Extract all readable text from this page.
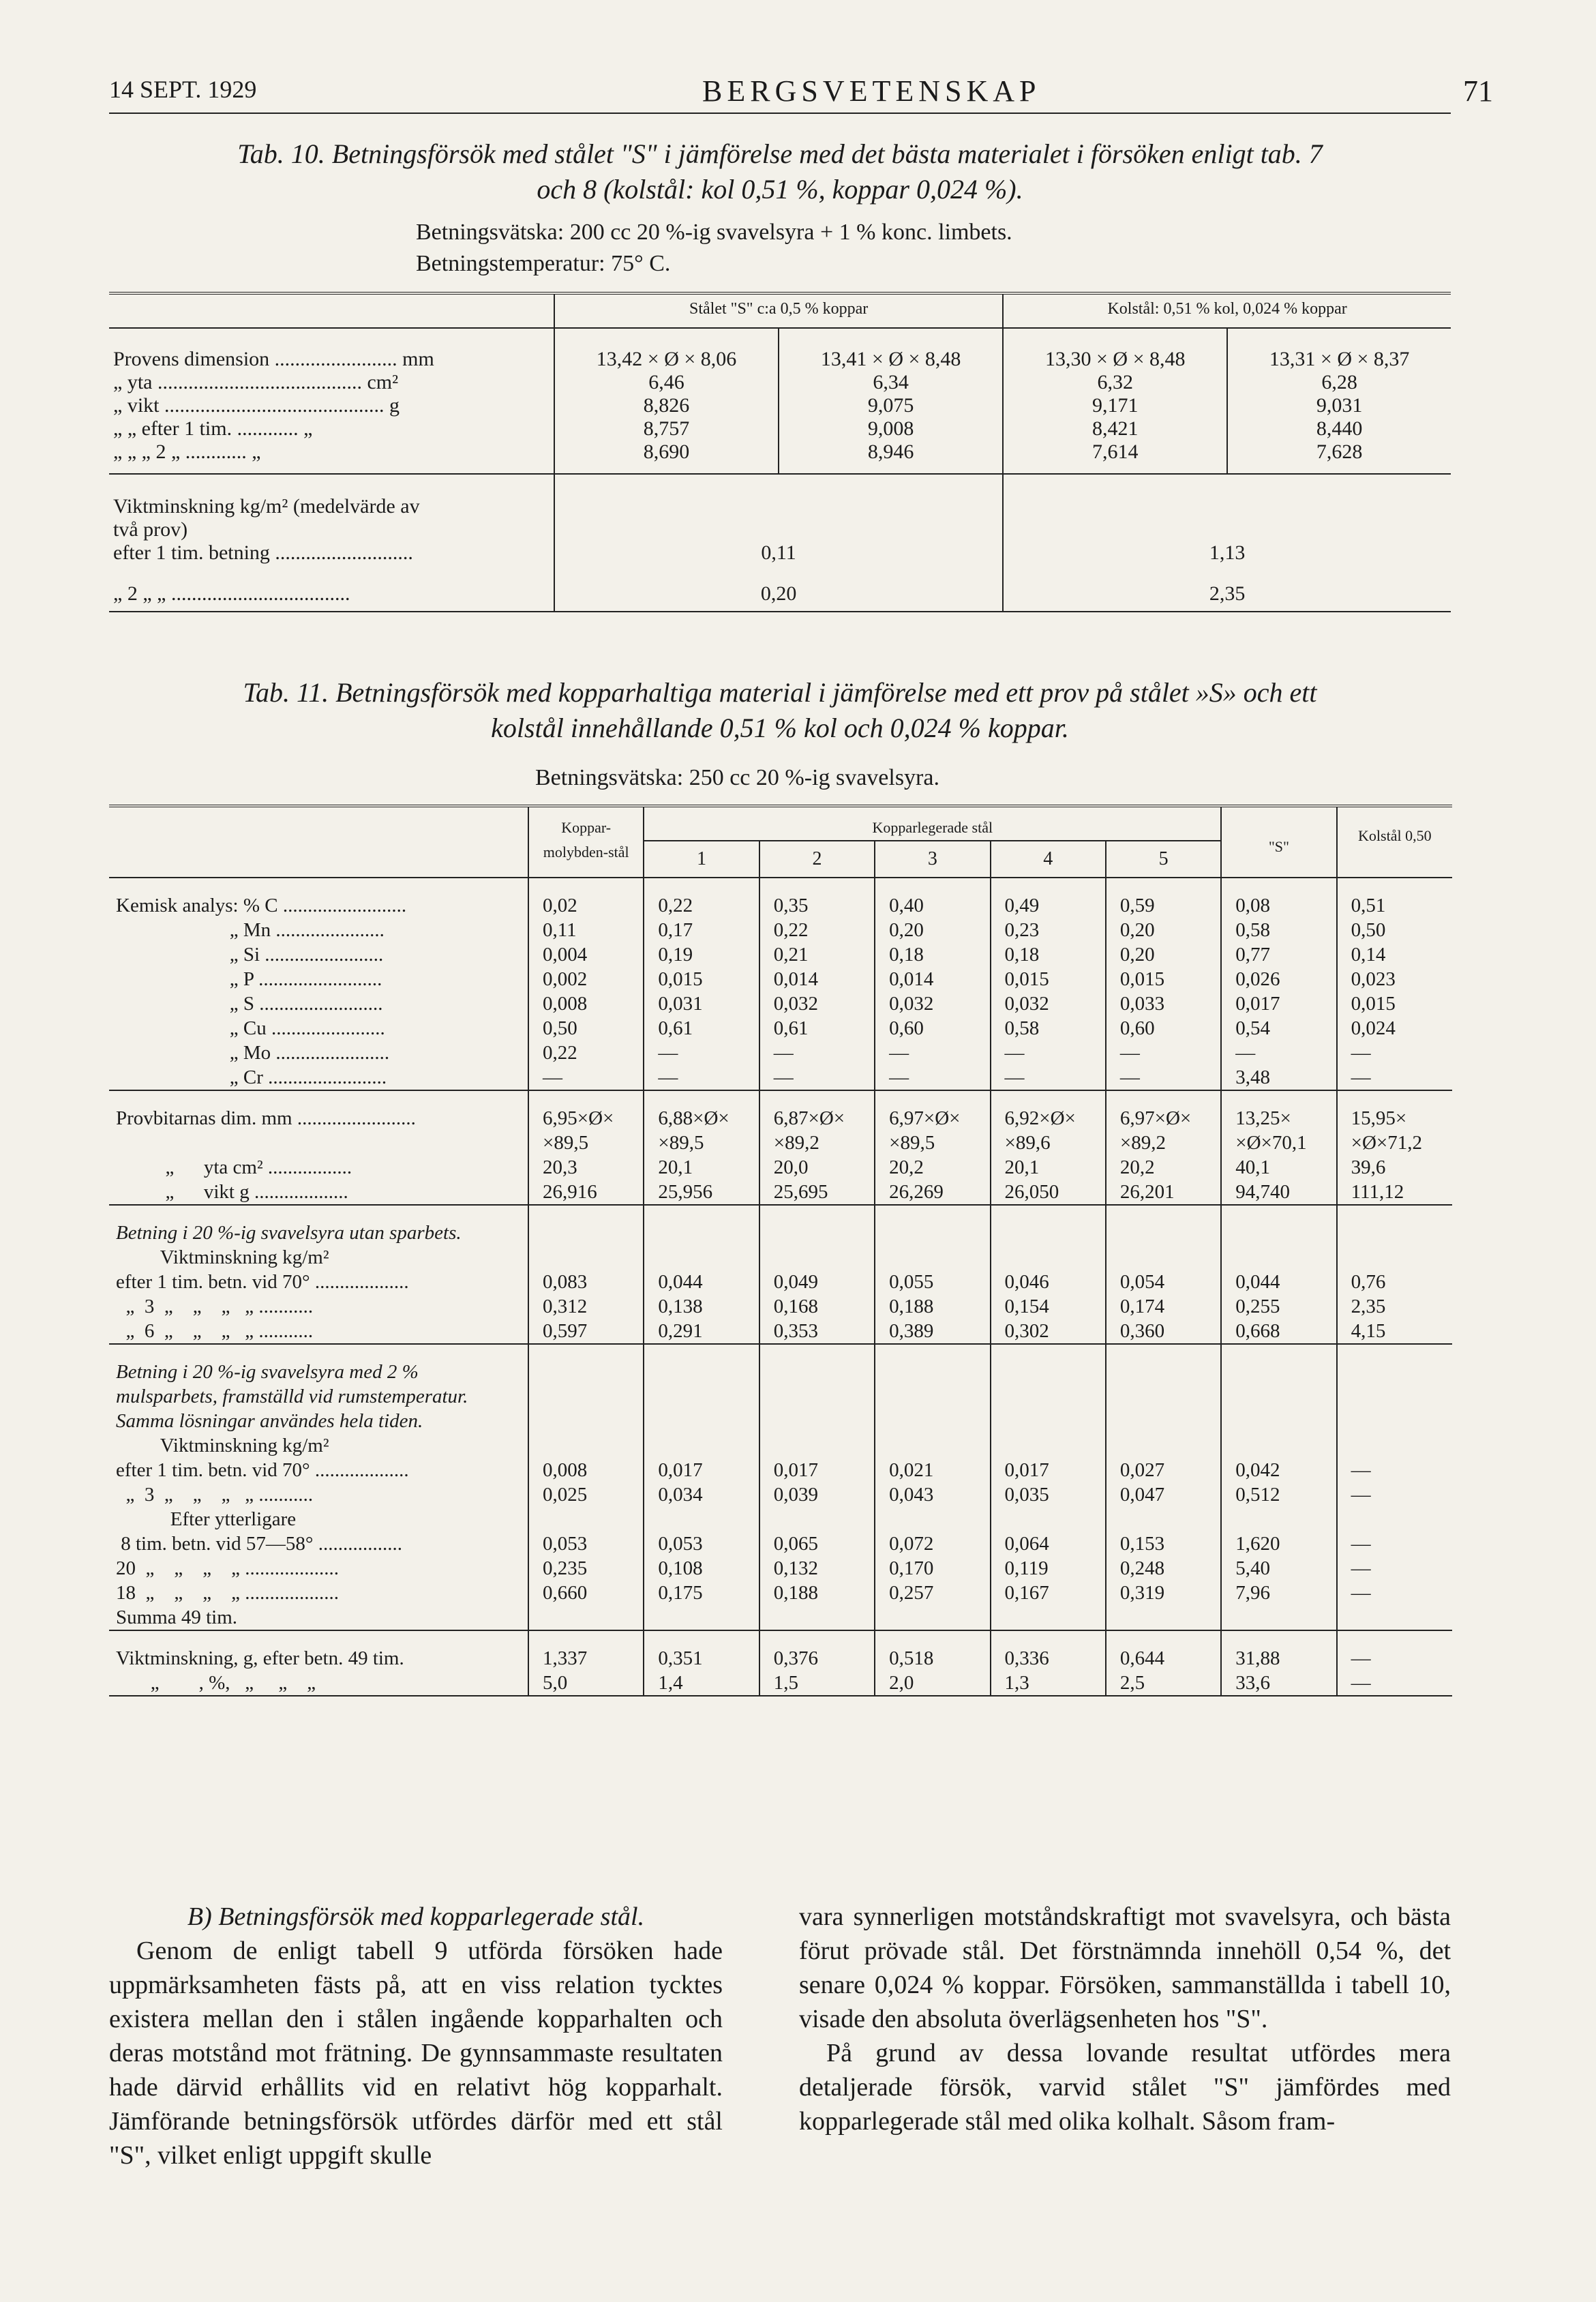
14 SEPT. 1929	BERGSVETENSKAP	71
Tab. 10. Betningsförsök med stålet "S" i jämförelse med det bästa materialet i försöken enligt tab. 7
och 8 (kolstål: kol 0,51 %, koppar 0,024 %).
Betningsvätska: 200 cc 20 %-ig svavelsyra + 1 % konc. limbets.
Betningstemperatur: 75° C.
	Stålet "S" c:a 0,5 % koppar		Kolstål: 0,51 % kol, 0,024 % koppar	

Provens dimension ........................ mm	13,42 × Ø × 8,06	13,41 × Ø × 8,48	13,30 × Ø × 8,48	13,31 × Ø × 8,37
„ yta ........................................ cm²	6,46	6,34	6,32	6,28
„ vikt ........................................... g	8,826	9,075	9,171	9,031
„ „ efter 1 tim. ............ „	8,757	9,008	8,421	8,440
„ „ „ 2 „ ............ „	8,690	8,946	7,614	7,628

Viktminskning kg/m² (medelvärde av
två prov)
efter 1 tim. betning ...........................	0,11		1,13	
„ 2 „ „ ...................................	0,20		2,35	
Tab. 11. Betningsförsök med kopparhaltiga material i jämförelse med ett prov på stålet »S» och ett
kolstål innehållande 0,51 % kol och 0,024 % koppar.
Betningsvätska: 250 cc 20 %-ig svavelsyra.
	Koppar-molybden-stål	Kopparlegerade stål					"S"	Kolstål 0,50
		1	2	3	4	5		

Kemisk analys: % C .........................	0,02	0,22	0,35	0,40	0,49	0,59	0,08	0,51
„ Mn ......................	0,11	0,17	0,22	0,20	0,23	0,20	0,58	0,50
„ Si ........................	0,004	0,19	0,21	0,18	0,18	0,20	0,77	0,14
„ P .........................	0,002	0,015	0,014	0,014	0,015	0,015	0,026	0,023
„ S .........................	0,008	0,031	0,032	0,032	0,032	0,033	0,017	0,015
„ Cu .......................	0,50	0,61	0,61	0,60	0,58	0,60	0,54	0,024
„ Mo .......................	0,22	—	—	—	—	—	—	—
„ Cr ........................	—	—	—	—	—	—	3,48	—

Provbitarnas dim. mm ........................	6,95×Ø×	6,88×Ø×	6,87×Ø×	6,97×Ø×	6,92×Ø×	6,97×Ø×	13,25×	15,95×
	×89,5	×89,5	×89,2	×89,5	×89,6	×89,2	×Ø×70,1	×Ø×71,2
„      yta cm² .................	20,3	20,1	20,0	20,2	20,1	20,2	40,1	39,6
„      vikt g ...................	26,916	25,956	25,695	26,269	26,050	26,201	94,740	111,12

Betning i 20 %-ig svavelsyra utan sparbets.								
Viktminskning kg/m²								
efter 1 tim. betn. vid 70° ...................	0,083	0,044	0,049	0,055	0,046	0,054	0,044	0,76
„  3  „    „    „   „ ...........	0,312	0,138	0,168	0,188	0,154	0,174	0,255	2,35
„  6  „    „    „   „ ...........	0,597	0,291	0,353	0,389	0,302	0,360	0,668	4,15

Betning i 20 %-ig svavelsyra med 2 % mulsparbets, framställd vid rumstemperatur. Samma lösningar användes hela tiden.								
Viktminskning kg/m²								
efter 1 tim. betn. vid 70° ...................	0,008	0,017	0,017	0,021	0,017	0,027	0,042	—
„  3  „    „    „   „ ...........	0,025	0,034	0,039	0,043	0,035	0,047	0,512	—

Efter ytterligare								
8 tim. betn. vid 57—58° .................	0,053	0,053	0,065	0,072	0,064	0,153	1,620	—
20  „    „    „    „ ...................	0,235	0,108	0,132	0,170	0,119	0,248	5,40	—
18  „    „    „    „ ...................	0,660	0,175	0,188	0,257	0,167	0,319	7,96	—
Summa 49 tim.								

Viktminskning, g, efter betn. 49 tim.	1,337	0,351	0,376	0,518	0,336	0,644	31,88	—
„        , %,   „     „    „	5,0	1,4	1,5	2,0	1,3	2,5	33,6	—

B) Betningsförsök med kopparlegerade stål.

Genom de enligt tabell 9 utförda försöken hade uppmärksamheten fästs på, att en viss relation tycktes existera mellan den i stålen ingående kopparhalten och deras motstånd mot frätning. De gynnsammaste resultaten hade därvid erhållits vid en relativt hög kopparhalt. Jämförande betningsförsök utfördes därför med ett stål "S", vilket enligt uppgift skulle

vara synnerligen motståndskraftigt mot svavelsyra, och bästa förut prövade stål. Det förstnämnda innehöll 0,54 %, det senare 0,024 % koppar. Försöken, sammanställda i tabell 10, visade den absoluta överlägsenheten hos "S".

På grund av dessa lovande resultat utfördes mera detaljerade försök, varvid stålet "S" jämfördes med kopparlegerade stål med olika kolhalt. Såsom fram-
